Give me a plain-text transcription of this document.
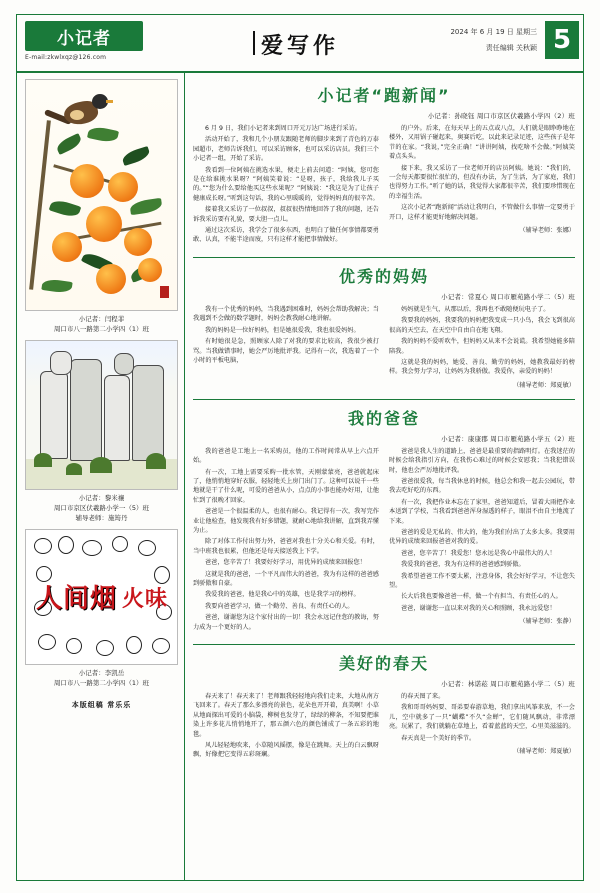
小记者
E-mail:zkwlxqz@126.com	爱写作
2024 年 6 月 19 日 星期三
责任编辑 关秋颖 5
小记者：闫程菲
周口市八一路第二小学四（1）班
小记者：黎米禳
周口市京区伏羲路小学一（5）班
辅导老师：施筠丹
人间烟 火味
小记者：李凯岳
周口市八一路第二小学四（1）班
本版组稿 常乐乐
小记者“跑新闻”
小记者：孙晓钰 周口市京区伏羲路小学四（2）班

6 月 9 日，我们小记者来到周口开元万达广场进行采访。

活动开始了，我和几个小朋友跟随老师的脚步来到了青色的万泰园超市，老师告诉我们，可以采访顾客，也可以采访店员。我们三个小记者一组，开始了采访。

我看到一位阿姨在挑选水果，便走上前去问道：“阿姨，您可您是在给谁挑水果呀？”阿姨笑着说：“是呀，孩子，我给我儿子买的。”“您为什么要给他买这些水果呢？”阿姨说：“我这是为了让孩子健康成长呀。”听到这句话，我的心里暖暖的，觉得妈妈真的很辛苦。

接着我又采访了一位叔叔，叔叔很热情地回答了我的问题，还告诉我采访要有礼貌，要大胆一点儿。

通过这次采访，我学会了很多东西，也明白了做任何事情都要勇敢、认真，不能半途而废，只有这样才能把事情做好。

的户外。后来，在每天早上的五点或八点，人们就是眼睁睁地在楼外，又用锅子碰起来，奥赛后吃，以此来记录足迹，这些孩子是年节的在家。“我说，”完全正确！“讲讲阿姨，找吃啥不会做。”阿姨笑着点头头。

接下来，我又采访了一位老师开的店员阿姨。她说：“我们的，一会每天都要很忙很忙的，但没有办法，为了生活，为了家庭，我们也得努力工作。”听了她的话，我觉得大家都很辛苦，我们要珍惜现在的幸福生活。

这次小记者“跑新闻”活动让我明白，不管做什么事情一定要勇于开口，这样才能更好地解决问题。

（辅导老师：张娜）
优秀的妈妈
小记者：常夏心 周口市雁苑路小学二（5）班

我有一个优秀的妈妈，当我遇到困难时，妈妈会帮助我解决；当我遇到不会做的数学题时，妈妈会教我耐心地讲解。

我的妈妈是一位好妈妈，但是她很爱我，我也很爱妈妈。

有时她很是急，照顾家人除了对我的要求比较高，我很少被打骂。当我做错事时，她会严厉地批评我。记得有一次，我选着了一个小时的平板电脑，

妈妈就是生气，从那以后，我再也不敢随便玩电子了。

我要我的妈妈，我要我的妈妈把我变成一只小鸟，我会飞到很高很高的天空去，在天空中自由自在地飞翔。

我的妈妈不爱听吹牛，但妈妈又从来不会说谎。我希望她能多陪陪我。

这就是我的妈妈，她爱、善良、勤劳的妈妈，她教我最好的榜样。我会努力学习，让妈妈为我骄傲。我爱你，亲爱的妈妈！

（辅导老师：郑夏敏）
我的爸爸
小记者：康康郡 周口市雁苑路小学五（2）班

我的爸爸是工地上一名采购员，他的工作时间常从早上六点开始。

有一次，工地上需要采购一批水管，天刚蒙蒙亮，爸爸就起床了，他悄悄地穿好衣服，轻轻地关上房门出门了。这种可以说千一些地就是干了什么呢，可爱的爸爸从小，点点的小事也能办好用，让他忙到了很晚才回家。

爸爸是一个很温柔的人，也很有耐心。我记得有一次，我写完作业让他检查，他发现我有好多错题，就耐心地给我讲解，直到我弄懂为止。

除了对体工作付出努力外，爸爸对我也十分关心和关爱。有时，当中班我也很累，但他还是每天接送我上下学。

爸爸，您辛苦了！我要好好学习，用优异的成绩来回报您！

这就是我的爸爸，一个平凡而伟大的爸爸，我为有这样的爸爸感到骄傲和自豪。

我爱我的爸爸，他是我心中的英雄，也是我学习的榜样。

我要向爸爸学习，做一个勤劳、善良、有责任心的人。

爸爸，谢谢您为这个家付出的一切！我会永远记住您的教诲，努力成为一个更好的人。

爸爸是我人生的道路上，爸爸是最重要的指路明灯。在我迷茫的时候会给我指引方向，在我伤心难过的时候会安慰我；当我犯错误时，他也会严厉地批评我。

爸爸很爱我，每当我休息的时候，他总会和我一起去公园玩，带我去吃好吃的东西。

有一次，我把作业本忘在了家里，爸爸知道后，冒着大雨把作业本送到了学校，当我看到爸爸浑身湿透的样子，眼泪不由自主地流了下来。

爸爸的爱是无私的、伟大的，他为我们付出了太多太多。我要用优异的成绩来回报爸爸对我的爱。

爸爸，您辛苦了！我爱您！您永远是我心中最伟大的人！

我爱我的爸爸，我为有这样的爸爸感到骄傲。

我希望爸爸工作不要太累，注意身体，我会好好学习，不让您失望。

长大后我也要像爸爸一样，做一个有担当、有责任心的人。

爸爸，谢谢您一直以来对我的关心和照顾，我永远爱您！

（辅导老师：张静）
美好的春天
小记者：林诺菘 周口市雁苑路小学二（5）班

春天来了！春天来了！老师跟我轻轻地向我们走来，大地从南方飞回来了。春天了那么多漂亮的景色，花朵也开开着，真美啊！小草从地面探出可爱的小脑袋，柳树也发芽了，绿绿的柳条，不知要把谁染上许多花儿悄悄地开了，那五颜六色的颜色铺成了一条五彩的地毯。

风儿轻轻地吹来，小草随风摇摆，像是在跳舞。天上的白云飘呀飘，好像把它变得五彩斑斓。

的春天图了来。

我和哥哥妈妈要、哥弟要春游草地，我们拿出风筝来放，不一会儿，空中就多了一只“蝴蝶”不久“金蝉”，它们随风飘动，非常漂亮。玩累了，我们就躺在草地上，看着蓝蓝的天空，心里美滋滋的。

春天真是一个美好的季节。

（辅导老师：郑夏敏）
